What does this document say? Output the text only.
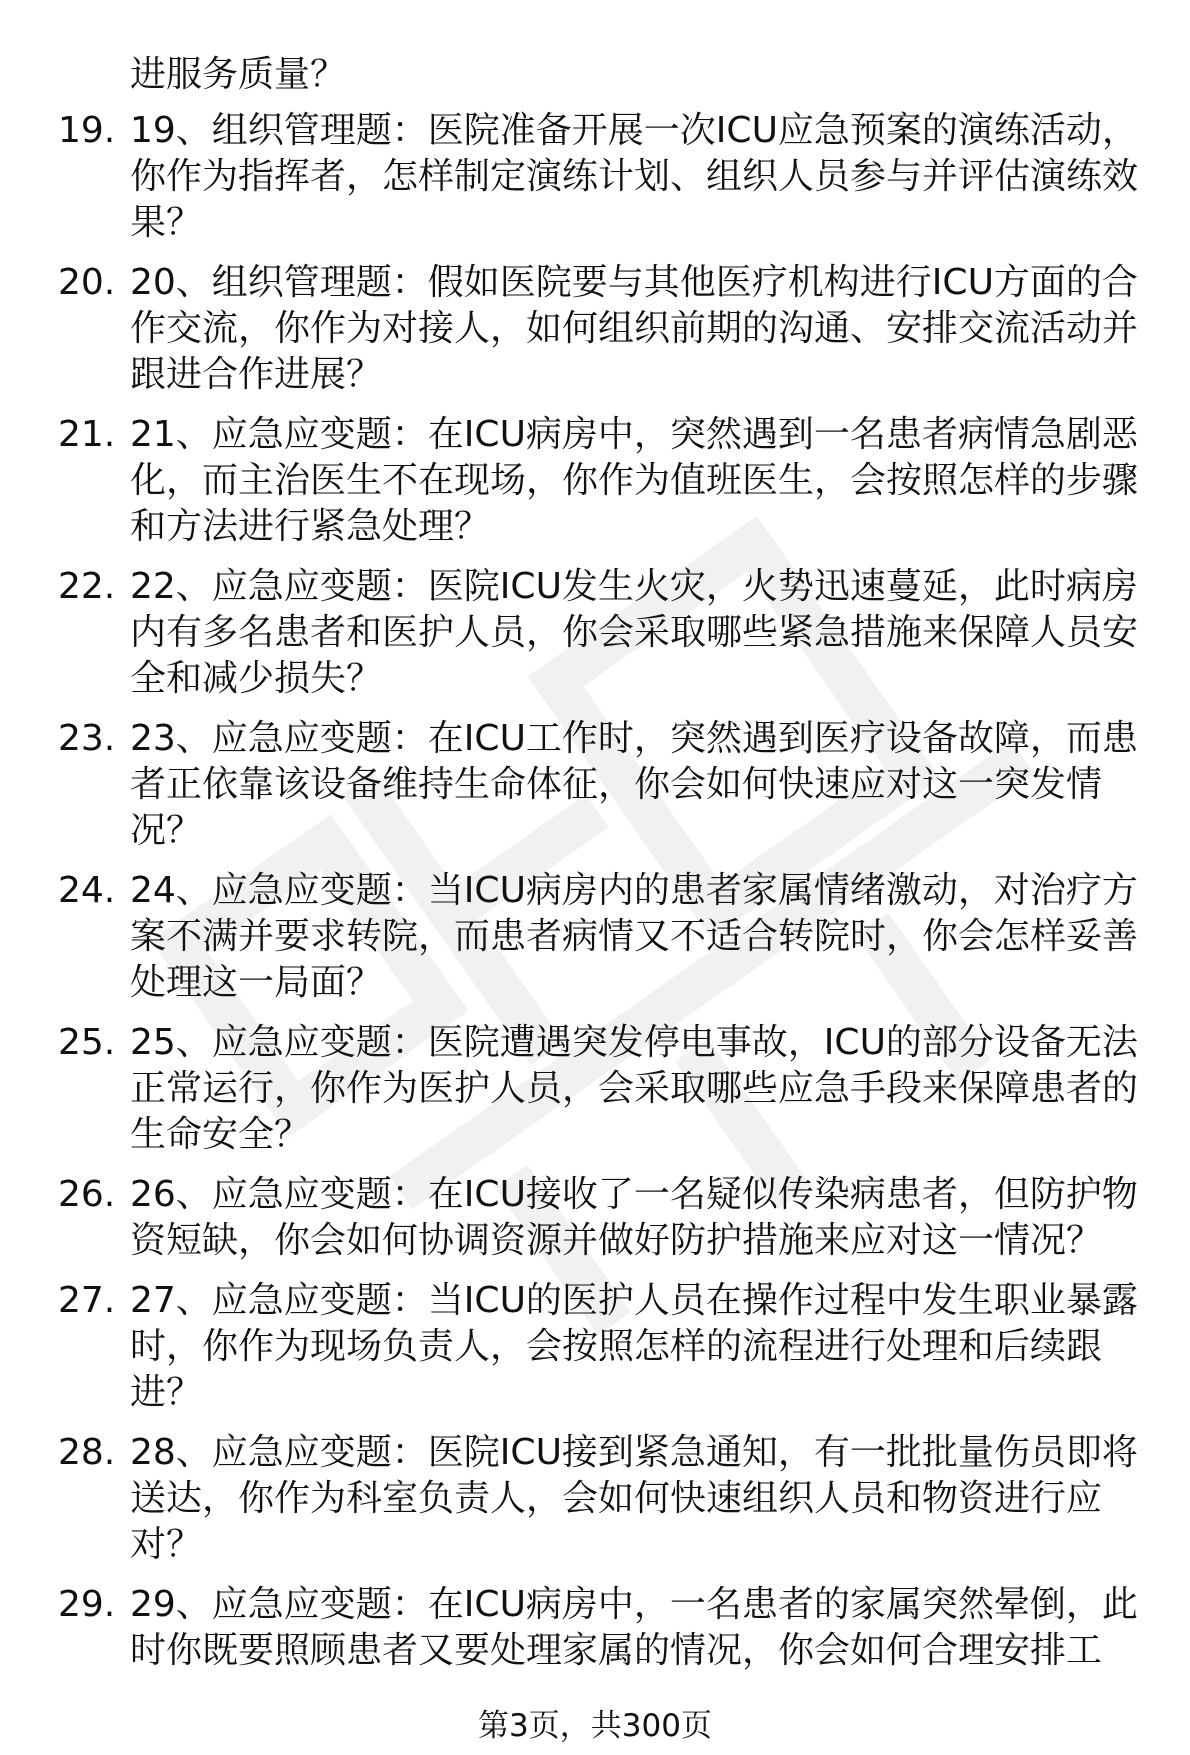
进服务质量？
19. 19、组织管理题：医院准备开展一次ICU应急预案的演练活动，
你作为指挥者，怎样制定演练计划、组织人员参与并评估演练效
果？
20. 20、组织管理题：假如医院要与其他医疗机构进行ICU方面的合
作交流，你作为对接人，如何组织前期的沟通、安排交流活动并
跟进合作进展？
21. 21、应急应变题：在ICU病房中，突然遇到一名患者病情急剧恶
化，而主治医生不在现场，你作为值班医生，会按照怎样的步骤
和方法进行紧急处理？
22. 22、应急应变题：医院ICU发生火灾，火势迅速蔓延，此时病房
内有多名患者和医护人员，你会采取哪些紧急措施来保障人员安
全和减少损失？
23. 23、应急应变题：在ICU工作时，突然遇到医疗设备故障，而患
者正依靠该设备维持生命体征，你会如何快速应对这一突发情
况？
24. 24、应急应变题：当ICU病房内的患者家属情绪激动，对治疗方
案不满并要求转院，而患者病情又不适合转院时，你会怎样妥善
处理这一局面？
25. 25、应急应变题：医院遭遇突发停电事故，ICU的部分设备无法
正常运行，你作为医护人员，会采取哪些应急手段来保障患者的
生命安全？
26. 26、应急应变题：在ICU接收了一名疑似传染病患者，但防护物
资短缺，你会如何协调资源并做好防护措施来应对这一情况？
27. 27、应急应变题：当ICU的医护人员在操作过程中发生职业暴露
时，你作为现场负责人，会按照怎样的流程进行处理和后续跟
进？
28. 28、应急应变题：医院ICU接到紧急通知，有一批批量伤员即将
送达，你作为科室负责人，会如何快速组织人员和物资进行应
对？
29. 29、应急应变题：在ICU病房中，一名患者的家属突然晕倒，此
时你既要照顾患者又要处理家属的情况，你会如何合理安排工
第3页，共300页
